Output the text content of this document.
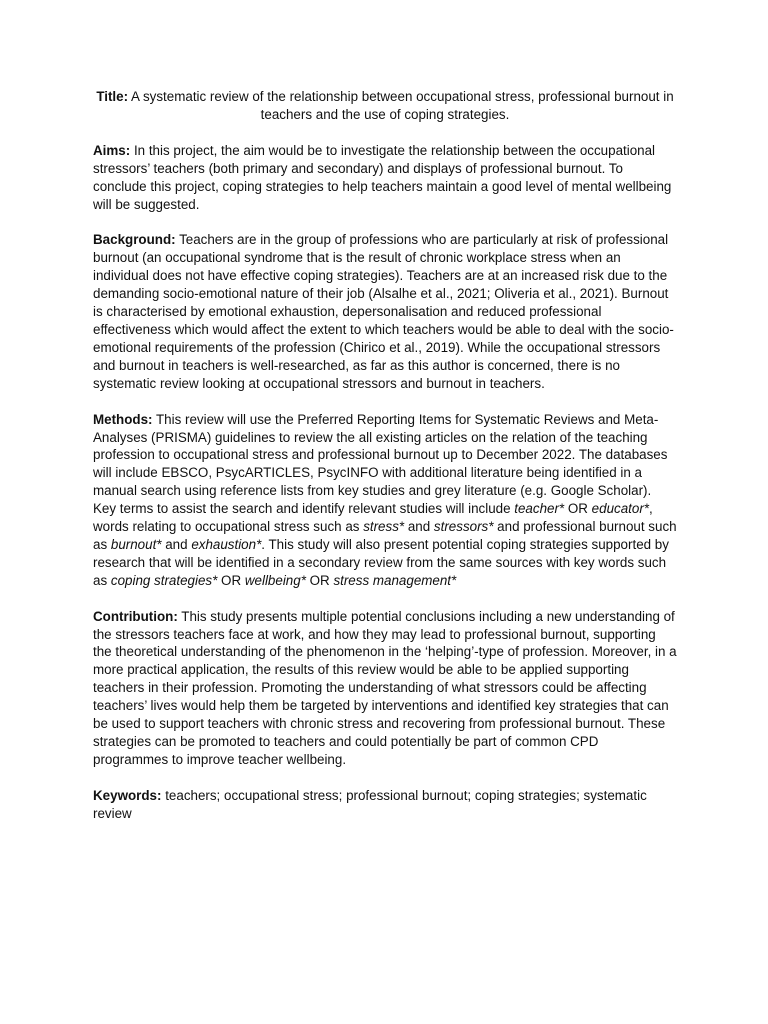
Title: A systematic review of the relationship between occupational stress, professional burnout in teachers and the use of coping strategies.

Aims: In this project, the aim would be to investigate the relationship between the occupational stressors’ teachers (both primary and secondary) and displays of professional burnout. To conclude this project, coping strategies to help teachers maintain a good level of mental wellbeing will be suggested.

Background: Teachers are in the group of professions who are particularly at risk of professional burnout (an occupational syndrome that is the result of chronic workplace stress when an individual does not have effective coping strategies). Teachers are at an increased risk due to the demanding socio-emotional nature of their job (Alsalhe et al., 2021; Oliveria et al., 2021). Burnout is characterised by emotional exhaustion, depersonalisation and reduced professional effectiveness which would affect the extent to which teachers would be able to deal with the socio-emotional requirements of the profession (Chirico et al., 2019). While the occupational stressors and burnout in teachers is well-researched, as far as this author is concerned, there is no systematic review looking at occupational stressors and burnout in teachers.

Methods: This review will use the Preferred Reporting Items for Systematic Reviews and Meta-Analyses (PRISMA) guidelines to review the all existing articles on the relation of the teaching profession to occupational stress and professional burnout up to December 2022. The databases will include EBSCO, PsycARTICLES, PsycINFO with additional literature being identified in a manual search using reference lists from key studies and grey literature (e.g. Google Scholar). Key terms to assist the search and identify relevant studies will include teacher* OR educator*, words relating to occupational stress such as stress* and stressors* and professional burnout such as burnout* and exhaustion*. This study will also present potential coping strategies supported by research that will be identified in a secondary review from the same sources with key words such as coping strategies* OR wellbeing* OR stress management*

Contribution: This study presents multiple potential conclusions including a new understanding of the stressors teachers face at work, and how they may lead to professional burnout, supporting the theoretical understanding of the phenomenon in the ‘helping’-type of profession. Moreover, in a more practical application, the results of this review would be able to be applied supporting teachers in their profession. Promoting the understanding of what stressors could be affecting teachers’ lives would help them be targeted by interventions and identified key strategies that can be used to support teachers with chronic stress and recovering from professional burnout. These strategies can be promoted to teachers and could potentially be part of common CPD programmes to improve teacher wellbeing.

Keywords: teachers; occupational stress; professional burnout; coping strategies; systematic review
